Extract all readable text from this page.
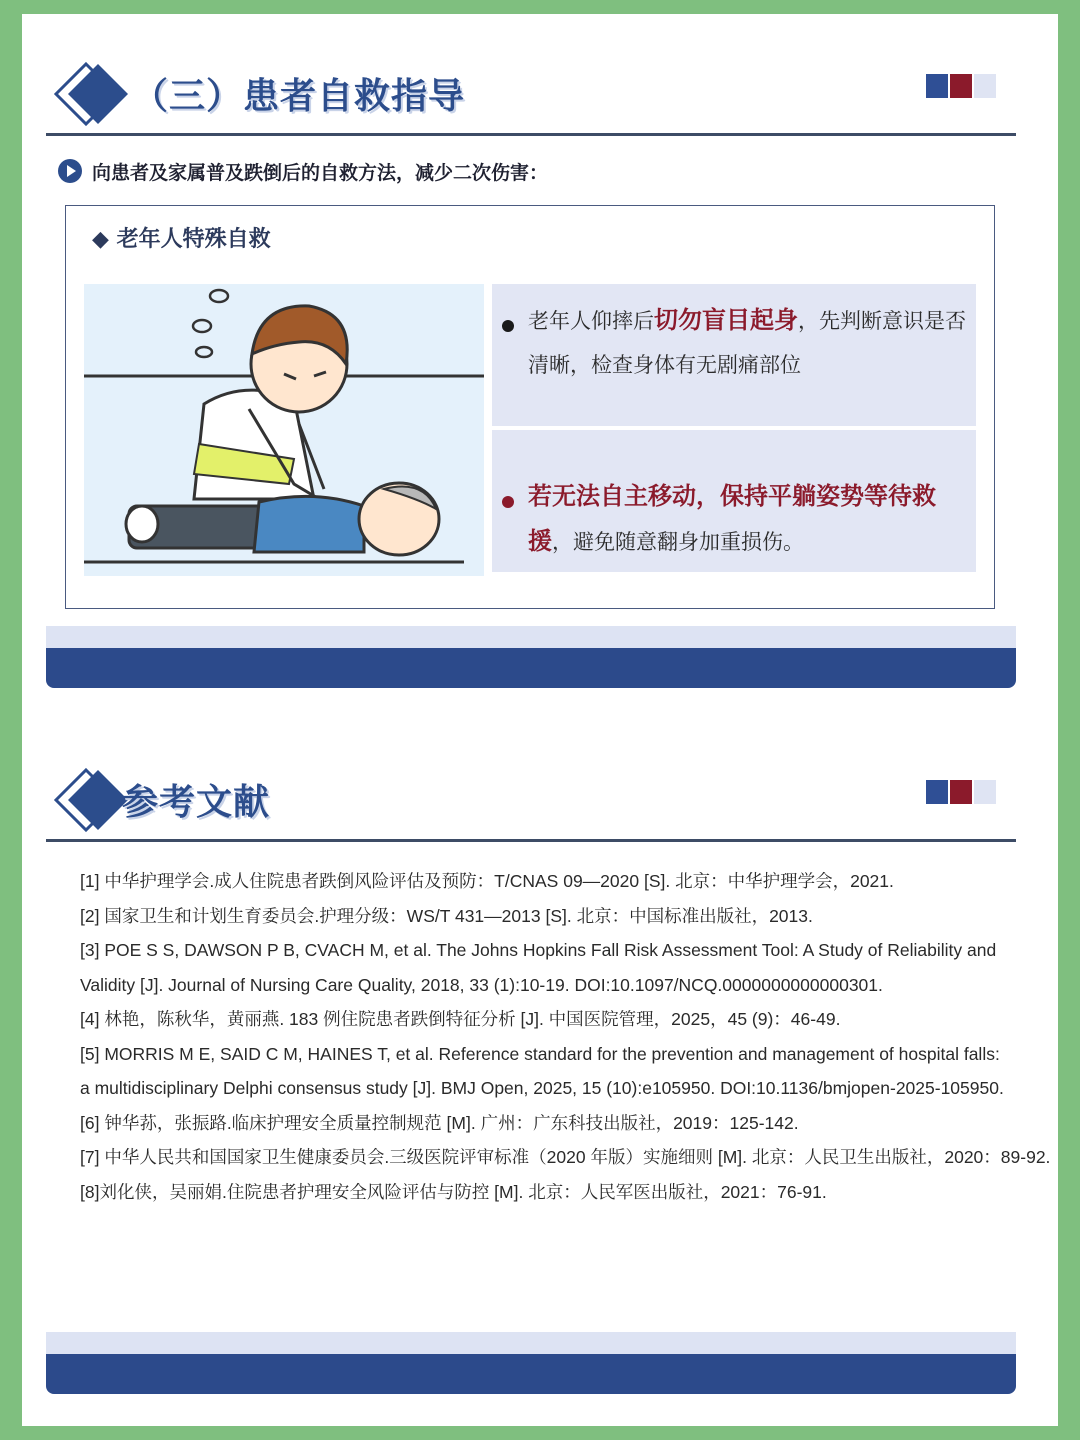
（三）患者自救指导
向患者及家属普及跌倒后的自救方法，减少二次伤害：
◆ 老年人特殊自救

老年人仰摔后切勿盲目起身，先判断意识是否清晰，检查身体有无剧痛部位

若无法自主移动，保持平躺姿势等待救援，避免随意翻身加重损伤。

参考文献
[1] 中华护理学会.成人住院患者跌倒风险评估及预防：T/CNAS 09—2020 [S]. 北京：中华护理学会，2021.
[2] 国家卫生和计划生育委员会.护理分级：WS/T 431—2013 [S]. 北京：中国标准出版社，2013.
[3] POE S S, DAWSON P B, CVACH M, et al. The Johns Hopkins Fall Risk Assessment Tool: A Study of Reliability and
Validity [J]. Journal of Nursing Care Quality, 2018, 33 (1):10-19. DOI:10.1097/NCQ.0000000000000301.
[4] 林艳，陈秋华，黄丽燕. 183 例住院患者跌倒特征分析 [J]. 中国医院管理，2025，45 (9)：46-49.
[5] MORRIS M E, SAID C M, HAINES T, et al. Reference standard for the prevention and management of hospital falls:
a multidisciplinary Delphi consensus study [J]. BMJ Open, 2025, 15 (10):e105950. DOI:10.1136/bmjopen-2025-105950.
[6] 钟华荪，张振路.临床护理安全质量控制规范 [M]. 广州：广东科技出版社，2019：125-142.
[7] 中华人民共和国国家卫生健康委员会.三级医院评审标准（2020 年版）实施细则 [M]. 北京：人民卫生出版社，2020：89-92.
[8]刘化侠，吴丽娟.住院患者护理安全风险评估与防控 [M]. 北京：人民军医出版社，2021：76-91.
